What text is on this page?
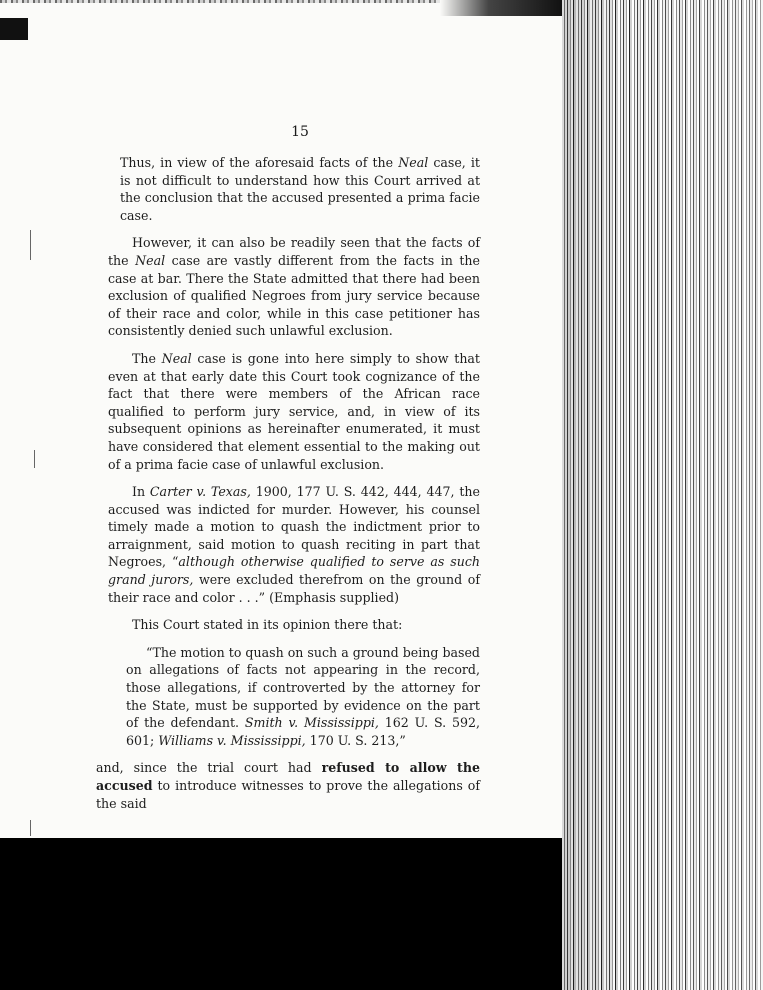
15

Thus, in view of the aforesaid facts of the Neal case, it is not difficult to understand how this Court arrived at the conclusion that the accused presented a prima facie case.

However, it can also be readily seen that the facts of the Neal case are vastly different from the facts in the case at bar. There the State admitted that there had been exclusion of qualified Negroes from jury service because of their race and color, while in this case petitioner has consistently denied such unlawful exclusion.

The Neal case is gone into here simply to show that even at that early date this Court took cognizance of the fact that there were members of the African race qualified to perform jury service, and, in view of its subsequent opinions as hereinafter enumerated, it must have considered that element essential to the making out of a prima facie case of unlawful exclusion.

In Carter v. Texas, 1900, 177 U. S. 442, 444, 447, the accused was indicted for murder. However, his counsel timely made a motion to quash the indictment prior to arraignment, said motion to quash reciting in part that Negroes, “although otherwise qualified to serve as such grand jurors, were excluded therefrom on the ground of their race and color . . .” (Emphasis supplied)

This Court stated in its opinion there that:

“The motion to quash on such a ground being based on allegations of facts not appearing in the record, those allegations, if controverted by the attorney for the State, must be supported by evidence on the part of the defendant. Smith v. Mississippi, 162 U. S. 592, 601; Williams v. Mississippi, 170 U. S. 213,”

and, since the trial court had refused to allow the accused to introduce witnesses to prove the allegations of the said
